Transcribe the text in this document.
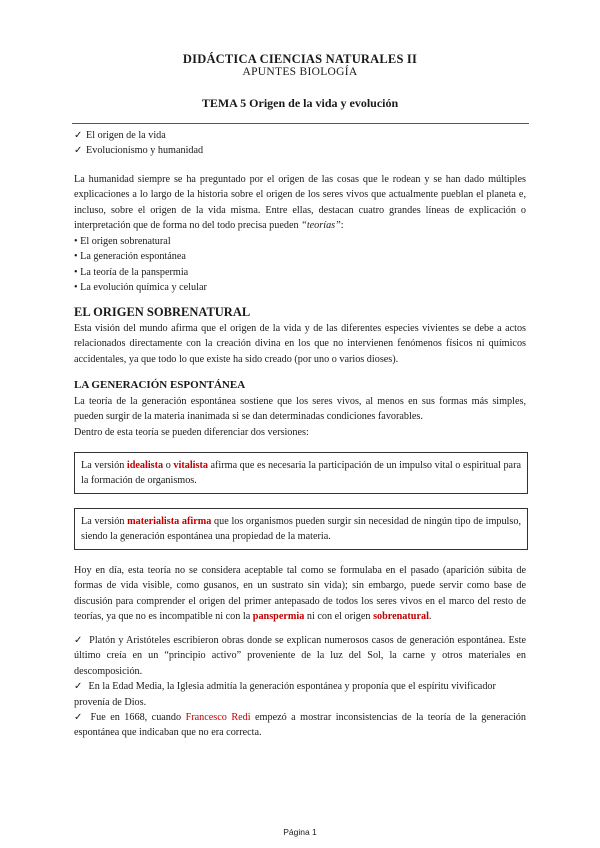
DIDÁCTICA CIENCIAS NATURALES II
APUNTES BIOLOGÍA
TEMA 5 Origen de la vida y evolución
✓ El origen de la vida
✓ Evolucionismo y humanidad
La humanidad siempre se ha preguntado por el origen de las cosas que le rodean y se han dado múltiples explicaciones a lo largo de la historia sobre el origen de los seres vivos que actualmente pueblan el planeta e, incluso, sobre el origen de la vida misma. Entre ellas, destacan cuatro grandes líneas de explicación o interpretación que de forma no del todo precisa pueden “teorías”:
• El origen sobrenatural
• La generación espontánea
• La teoría de la panspermia
• La evolución química y celular
EL ORIGEN SOBRENATURAL
Esta visión del mundo afirma que el origen de la vida y de las diferentes especies vivientes se debe a actos relacionados directamente con la creación divina en los que no intervienen fenómenos físicos ni químicos accidentales, ya que todo lo que existe ha sido creado (por uno o varios dioses).
LA GENERACIÓN ESPONTÁNEA
La teoría de la generación espontánea sostiene que los seres vivos, al menos en sus formas más simples, pueden surgir de la materia inanimada si se dan determinadas condiciones favorables.
Dentro de esta teoría se pueden diferenciar dos versiones:
La versión idealista o vitalista afirma que es necesaria la participación de un impulso vital o espiritual para la formación de organismos.
La versión materialista afirma que los organismos pueden surgir sin necesidad de ningún tipo de impulso, siendo la generación espontánea una propiedad de la materia.
Hoy en día, esta teoría no se considera aceptable tal como se formulaba en el pasado (aparición súbita de formas de vida visible, como gusanos, en un sustrato sin vida); sin embargo, puede servir como base de discusión para comprender el origen del primer antepasado de todos los seres vivos en el marco del resto de teorías, ya que no es incompatible ni con la panspermia ni con el origen sobrenatural.
✓ Platón y Aristóteles escribieron obras donde se explican numerosos casos de generación espontánea. Este último creía en un “principio activo” proveniente de la luz del Sol, la carne y otros materiales en descomposición.
✓ En la Edad Media, la Iglesia admitía la generación espontánea y proponía que el espíritu vivificador
provenía de Dios.
✓ Fue en 1668, cuando Francesco Redi empezó a mostrar inconsistencias de la teoría de la generación espontánea que indicaban que no era correcta.
Página 1
